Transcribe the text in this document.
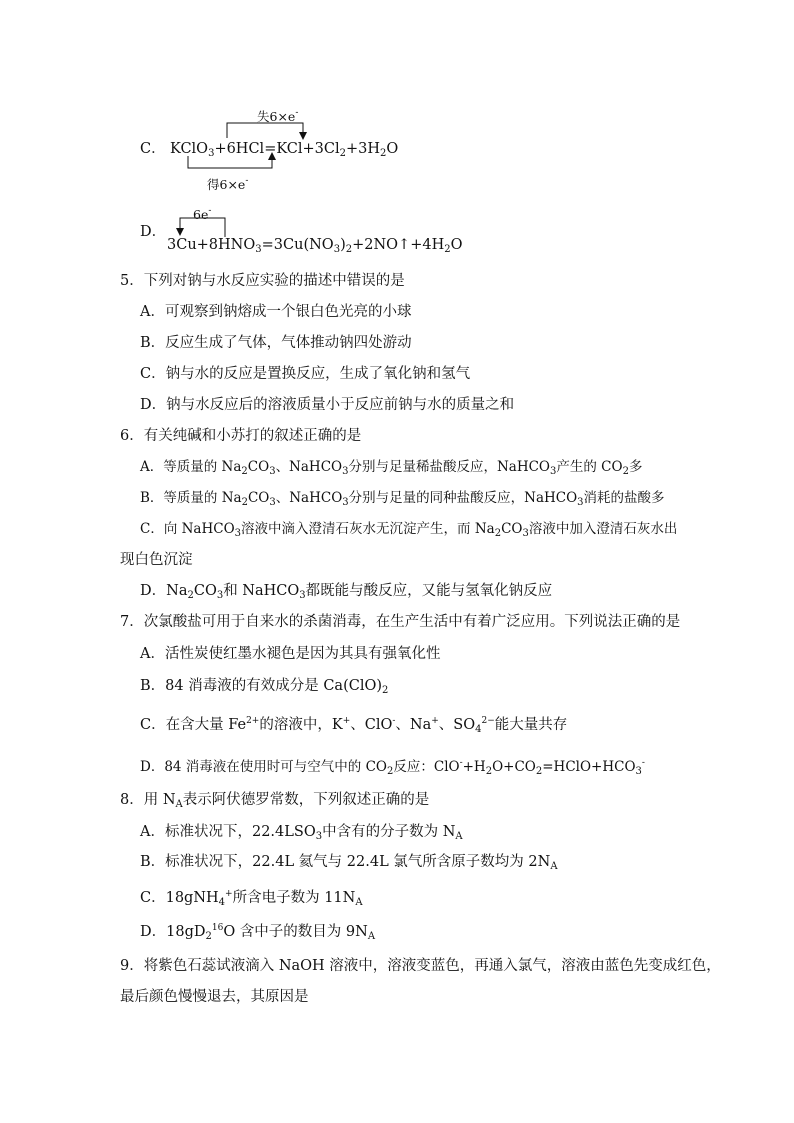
失6×e-
C． $KClO_3+6HCl=KCl+3Cl_2+3H_2O$
得6×e-
6e-
D．
$3Cu+8HNO_3=3Cu(NO_3)_2+2NO↑+4H_2O$
5．下列对钠与水反应实验的描述中错误的是
A．可观察到钠熔成一个银白色光亮的小球
B．反应生成了气体，气体推动钠四处游动
C．钠与水的反应是置换反应，生成了氧化钠和氢气
D．钠与水反应后的溶液质量小于反应前钠与水的质量之和
6．有关纯碱和小苏打的叙述正确的是
A．等质量的 $Na_2CO_3$、NaHCO$_3$分别与足量稀盐酸反应，NaHCO$_3$产生的 $CO_2$多
B．等质量的 $Na_2CO_3$、NaHCO$_3$分别与足量的同种盐酸反应，NaHCO$_3$消耗的盐酸多
C．向 NaHCO$_3$溶液中滴入澄清石灰水无沉淀产生，而 $Na_2CO_3$溶液中加入澄清石灰水出
现白色沉淀
D．$Na_2CO_3$和 NaHCO$_3$都既能与酸反应，又能与氢氧化钠反应
7．次氯酸盐可用于自来水的杀菌消毒，在生产生活中有着广泛应用。下列说法正确的是
A．活性炭使红墨水褪色是因为其具有强氧化性
B．84 消毒液的有效成分是 $Ca(ClO)_2$
C．在含大量 $Fe^{2+}$的溶液中，K+、ClO-、Na+、$SO_4^{2-}$能大量共存
D．84 消毒液在使用时可与空气中的 $CO_2$反应：$ClO^-+H_2O+CO_2=HClO+HCO_3^-$
8．用 $N_A$表示阿伏德罗常数，下列叙述正确的是
A．标准状况下，$22.4LSO_3$中含有的分子数为 $N_A$
B．标准状况下，22.4L 氦气与 22.4L 氯气所含原子数均为 $2N_A$
C．18gNH$_4$+所含电子数为 $11N_A$
D．$18gD_2^{16}O$ 含中子的数目为 $9N_A$
9．将紫色石蕊试液滴入 NaOH 溶液中，溶液变蓝色，再通入氯气，溶液由蓝色先变成红色，
最后颜色慢慢退去，其原因是
